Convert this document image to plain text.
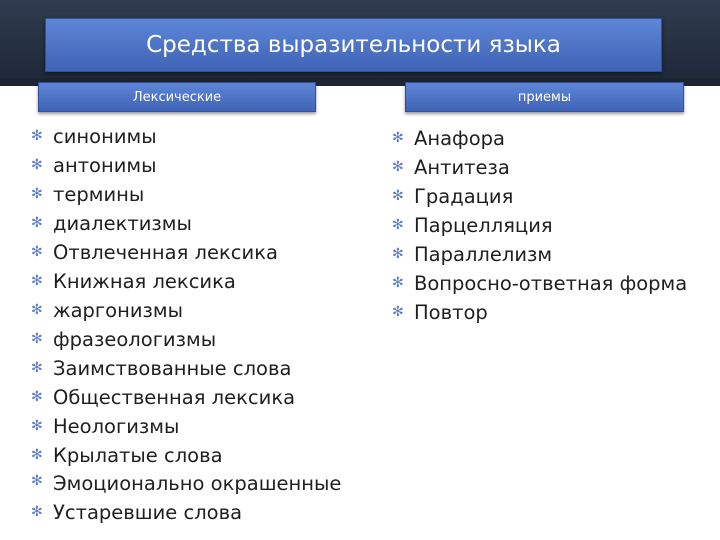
Средства выразительности языка
Лексические	приемы
✻ синонимы
✻ антонимы
✻ термины
✻ диалектизмы
✻ Отвлеченная лексика
✻ Книжная лексика
✻ жаргонизмы
✻ фразеологизмы
✻ Заимствованные слова
✻ Общественная лексика
✻ Неологизмы
✻ Крылатые слова
✻ Эмоционально окрашенные
✻ Устаревшие слова
✻ Анафора
✻ Антитеза
✻ Градация
✻ Парцелляция
✻ Параллелизм
✻ Вопросно-ответная форма
✻ Повтор
